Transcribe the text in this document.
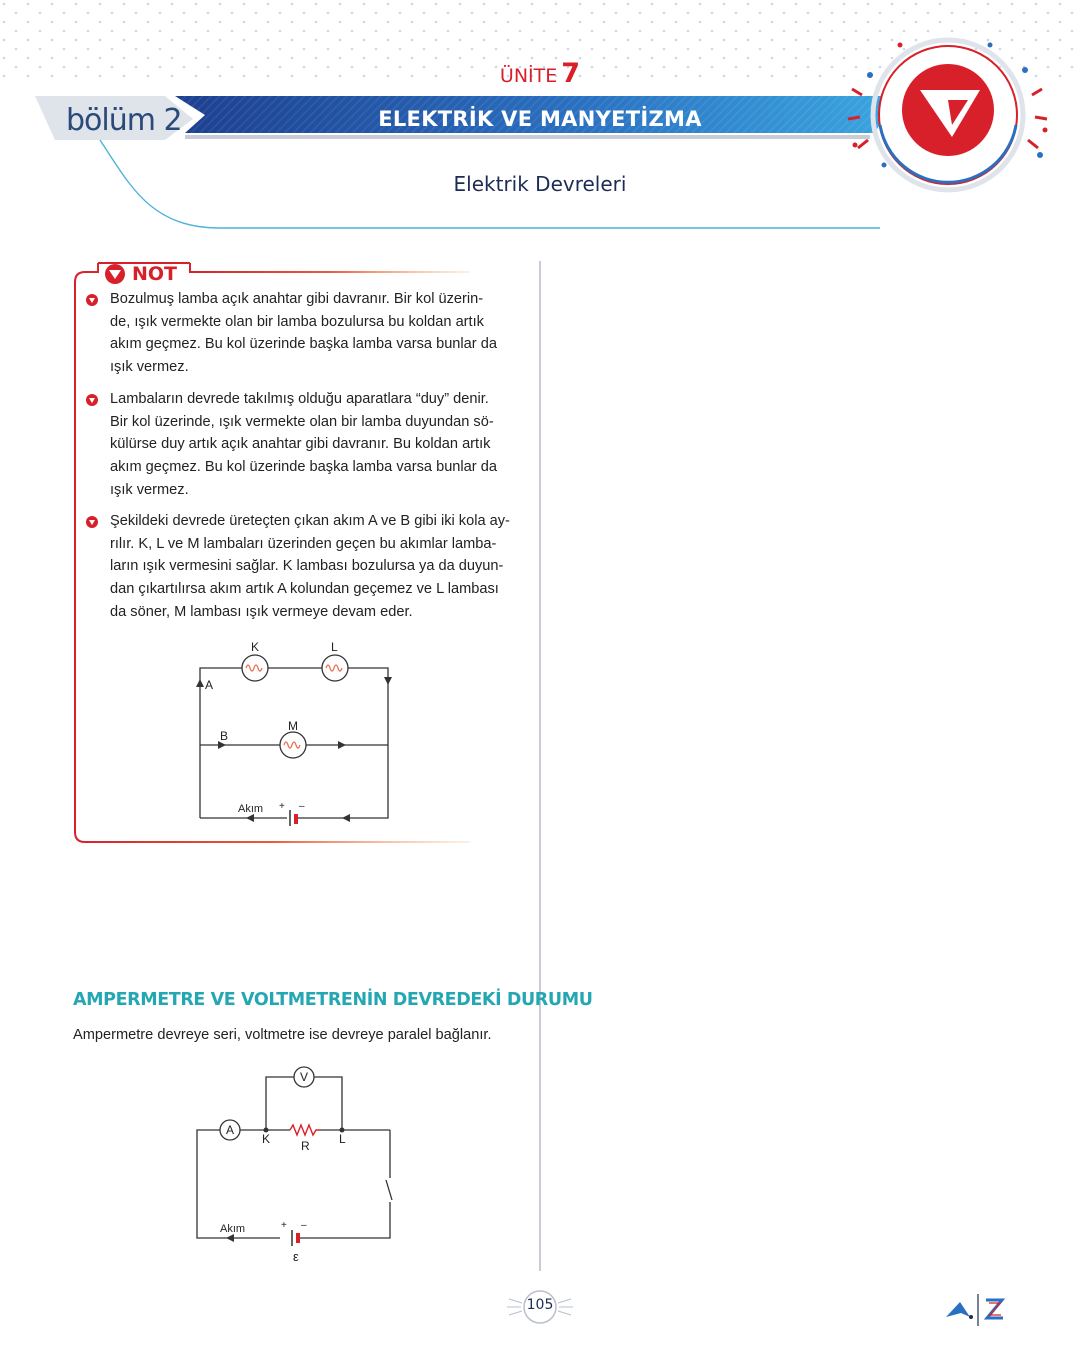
ÜNİTE 7
bölüm 2	ELEKTRİK VE MANYETİZMA
Elektrik Devreleri
NOT
Bozulmuş lamba açık anahtar gibi davranır. Bir kol üzerin-
de, ışık vermekte olan bir lamba bozulursa bu koldan artık
akım geçmez. Bu kol üzerinde başka lamba varsa bunlar da
ışık vermez.
Lambaların devrede takılmış olduğu aparatlara “duy” denir.
Bir kol üzerinde, ışık vermekte olan bir lamba duyundan sö-
külürse duy artık açık anahtar gibi davranır. Bu koldan artık
akım geçmez. Bu kol üzerinde başka lamba varsa bunlar da
ışık vermez.
Şekildeki devrede üreteçten çıkan akım A ve B gibi iki kola ay-
rılır. K, L ve M lambaları üzerinden geçen bu akımlar lamba-
ların ışık vermesini sağlar. K lambası bozulursa ya da duyun-
dan çıkartılırsa akım artık A kolundan geçemez ve L lambası
da söner, M lambası ışık vermeye devam eder.
K	L
M
A
B
Akım + –
AMPERMETRE VE VOLTMETRENİN DEVREDEKİ DURUMU
Ampermetre devreye seri, voltmetre ise devreye paralel bağlanır.
V
A
K	L
R
Akım	+ –
ε
105
